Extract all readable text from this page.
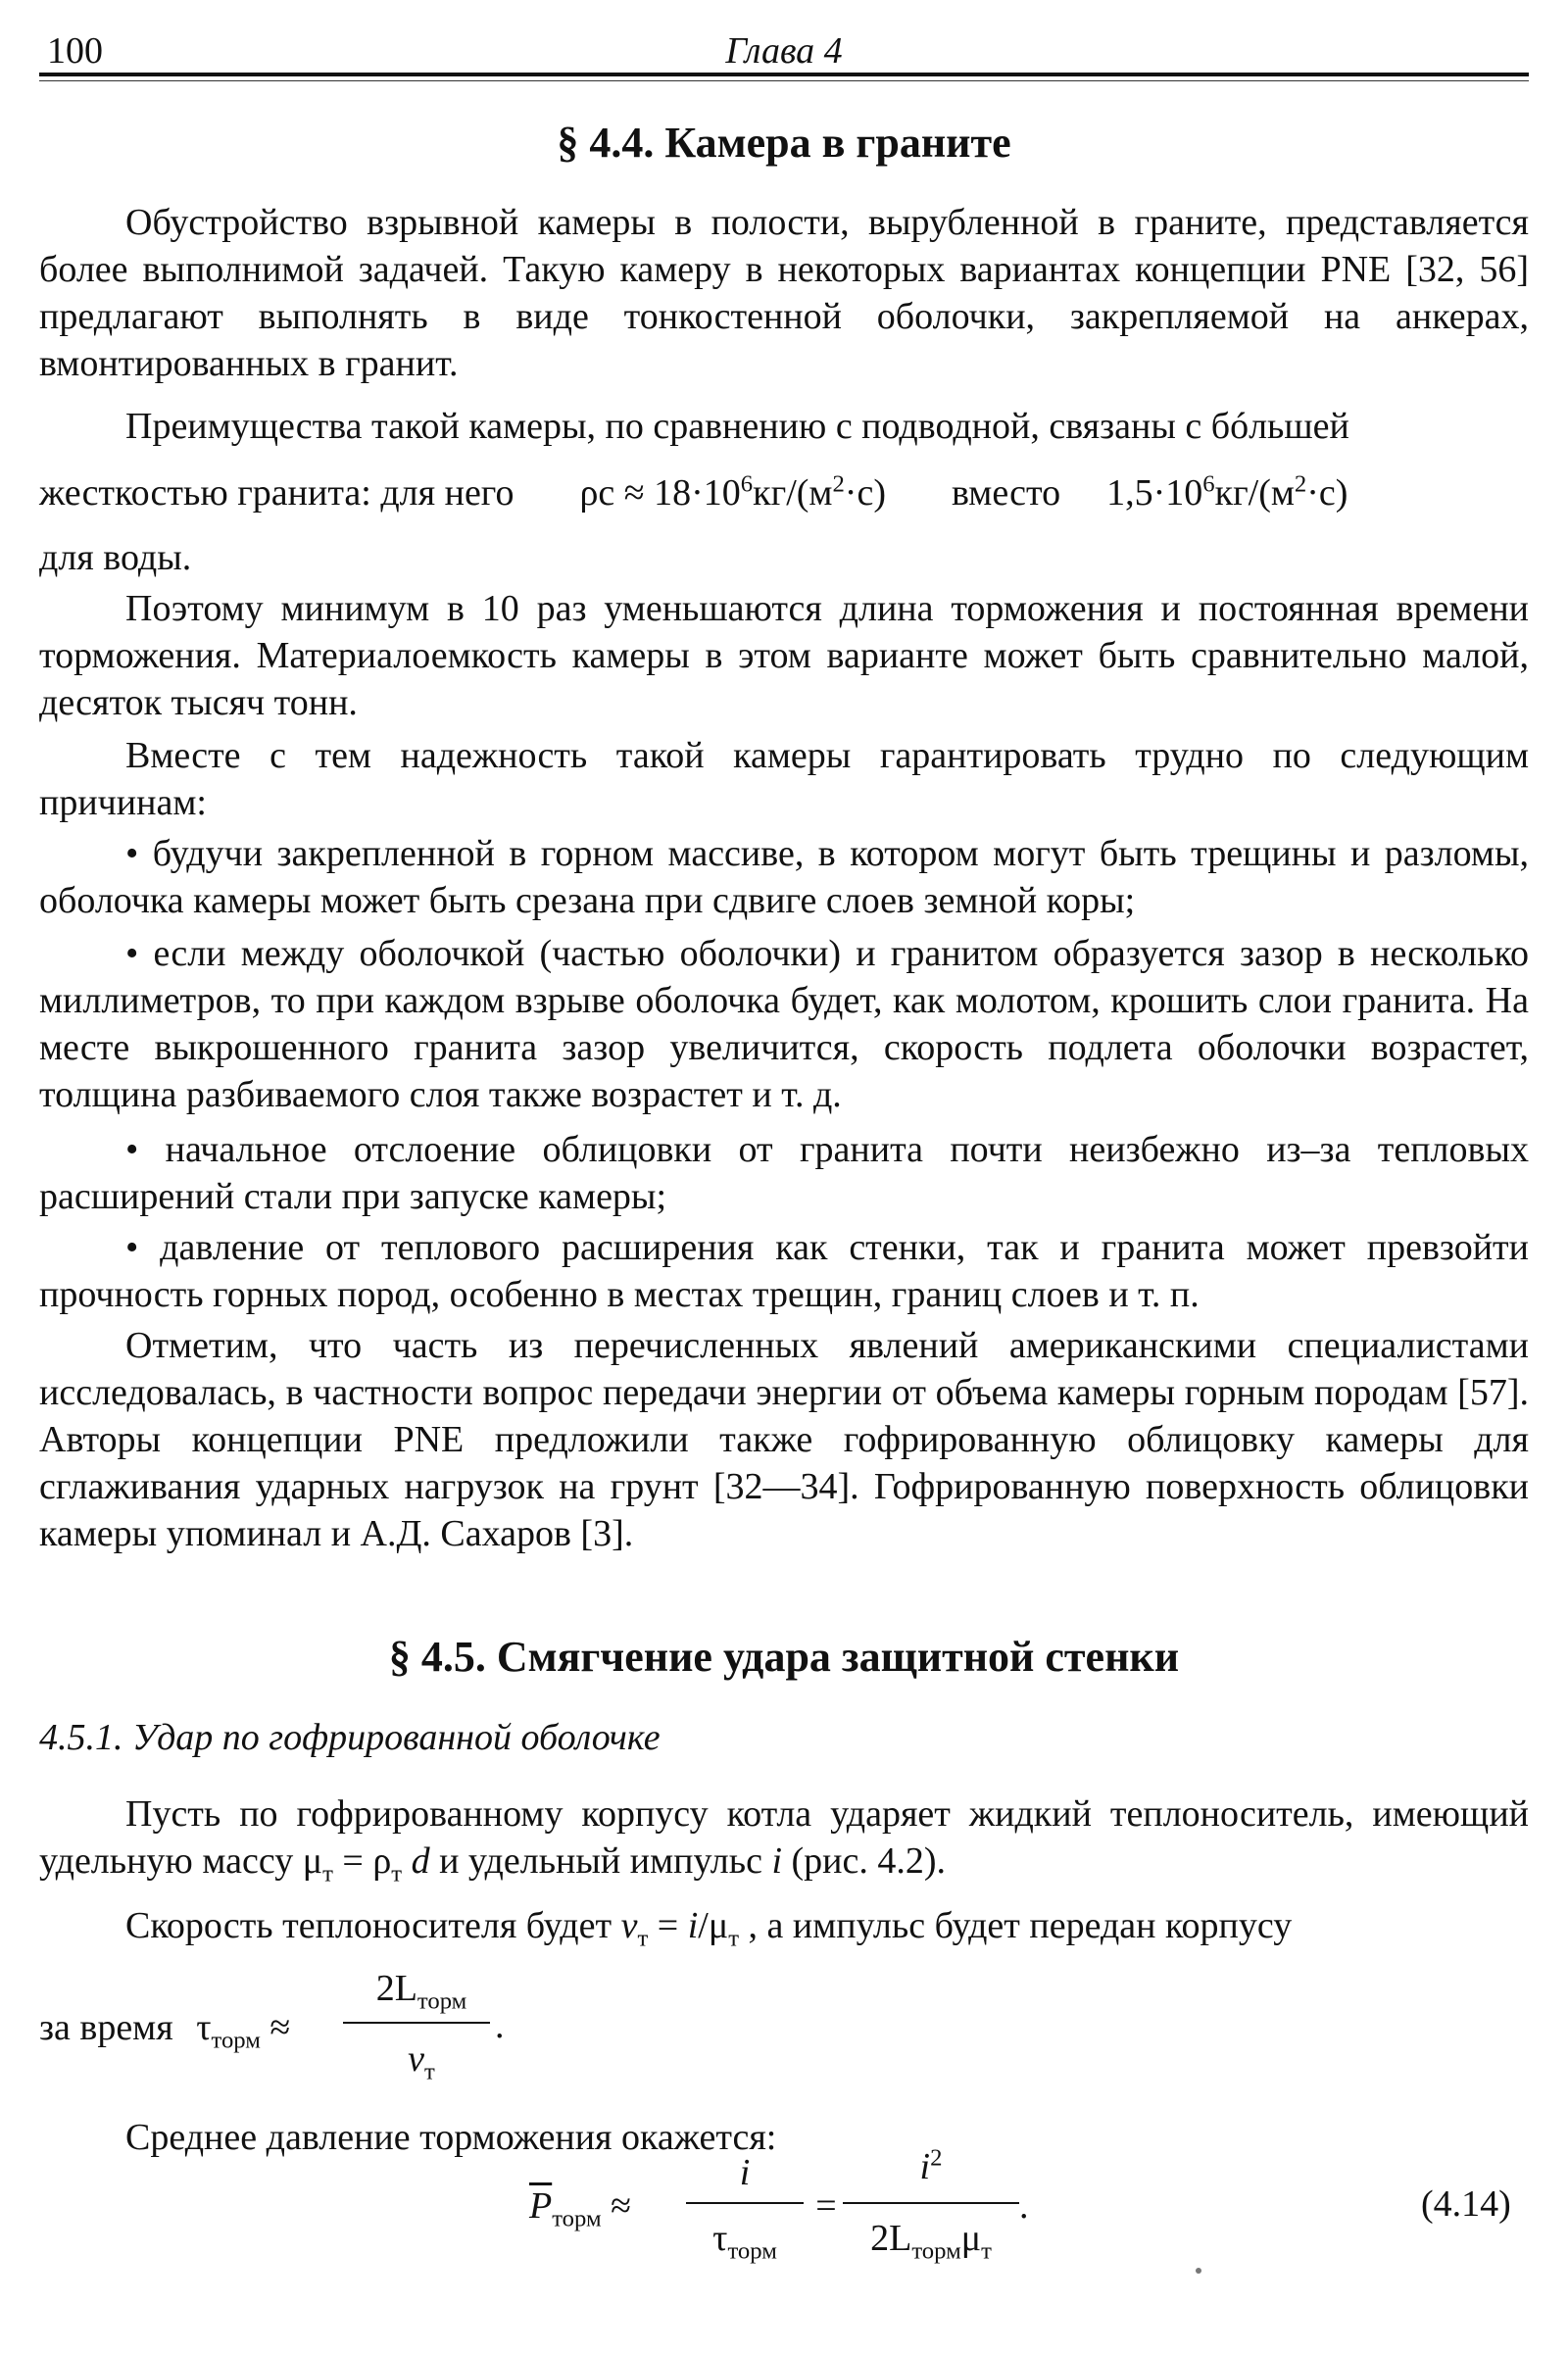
100	Глава 4
§ 4.4. Камера в граните
Обустройство взрывной камеры в полости, вырубленной в граните, представляется более выполнимой задачей. Такую камеру в некоторых вариантах концепции PNE [32, 56] предлагают выполнять в виде тонкостенной оболочки, закрепляемой на анкерах, вмонтированных в гранит.
Преимущества такой камеры, по сравнению с подводной, связаны с бóльшей
жесткостью гранита: для него $\rho c \approx 18\cdot 10^6кг/(м^2\cdot с)$ вместо $1,5\cdot 10^6кг/(м^2\cdot с)$
для воды.
Поэтому минимум в 10 раз уменьшаются длина торможения и постоянная времени торможения. Материалоемкость камеры в этом варианте может быть сравнительно малой, десяток тысяч тонн.
Вместе с тем надежность такой камеры гарантировать трудно по следующим причинам:
• будучи закрепленной в горном массиве, в котором могут быть трещины и разломы, оболочка камеры может быть срезана при сдвиге слоев земной коры;
• если между оболочкой (частью оболочки) и гранитом образуется зазор в несколько миллиметров, то при каждом взрыве оболочка будет, как молотом, крошить слои гранита. На месте выкрошенного гранита зазор увеличится, скорость подлета оболочки возрастет, толщина разбиваемого слоя также возрастет и т. д.
• начальное отслоение облицовки от гранита почти неизбежно из–за тепловых расширений стали при запуске камеры;
• давление от теплового расширения как стенки, так и гранита может превзойти прочность горных пород, особенно в местах трещин, границ слоев и т. п.
Отметим, что часть из перечисленных явлений американскими специалистами исследовалась, в частности вопрос передачи энергии от объема камеры горным породам [57]. Авторы концепции PNE предложили также гофрированную облицовку камеры для сглаживания ударных нагрузок на грунт [32—34]. Гофрированную поверхность облицовки камеры упоминал и А.Д. Сахаров [3].
§ 4.5. Смягчение удара защитной стенки
4.5.1. Удар по гофрированной оболочке
Пусть по гофрированному корпусу котла ударяет жидкий теплоноситель, имеющий удельную массу $\mu_т = \rho_т$ d и удельный импульс i (рис. 4.2).
Скорость теплоносителя будет $v_т = i/\mu_т$ , а импульс будет передан корпусу
за время $\tau_{торм}$ ≈
$2L_{торм}$
$v_т$
.
Среднее давление торможения окажется:
$\overline{P}_{торм}$ ≈
i
$\tau_{торм}$
=
$i^2$
$2L_{торм}\mu_т$
.	(4.14)
